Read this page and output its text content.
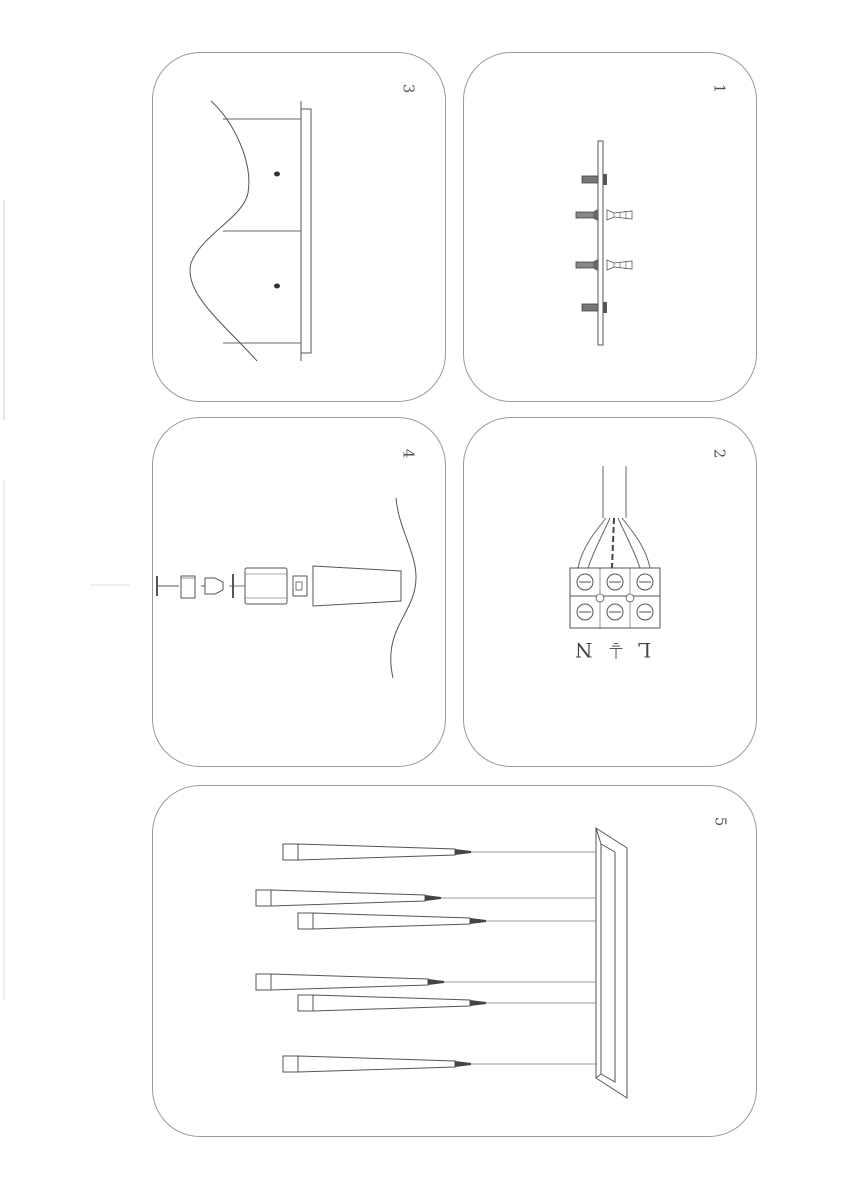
1
2
N ⏚ L
3
4
5
